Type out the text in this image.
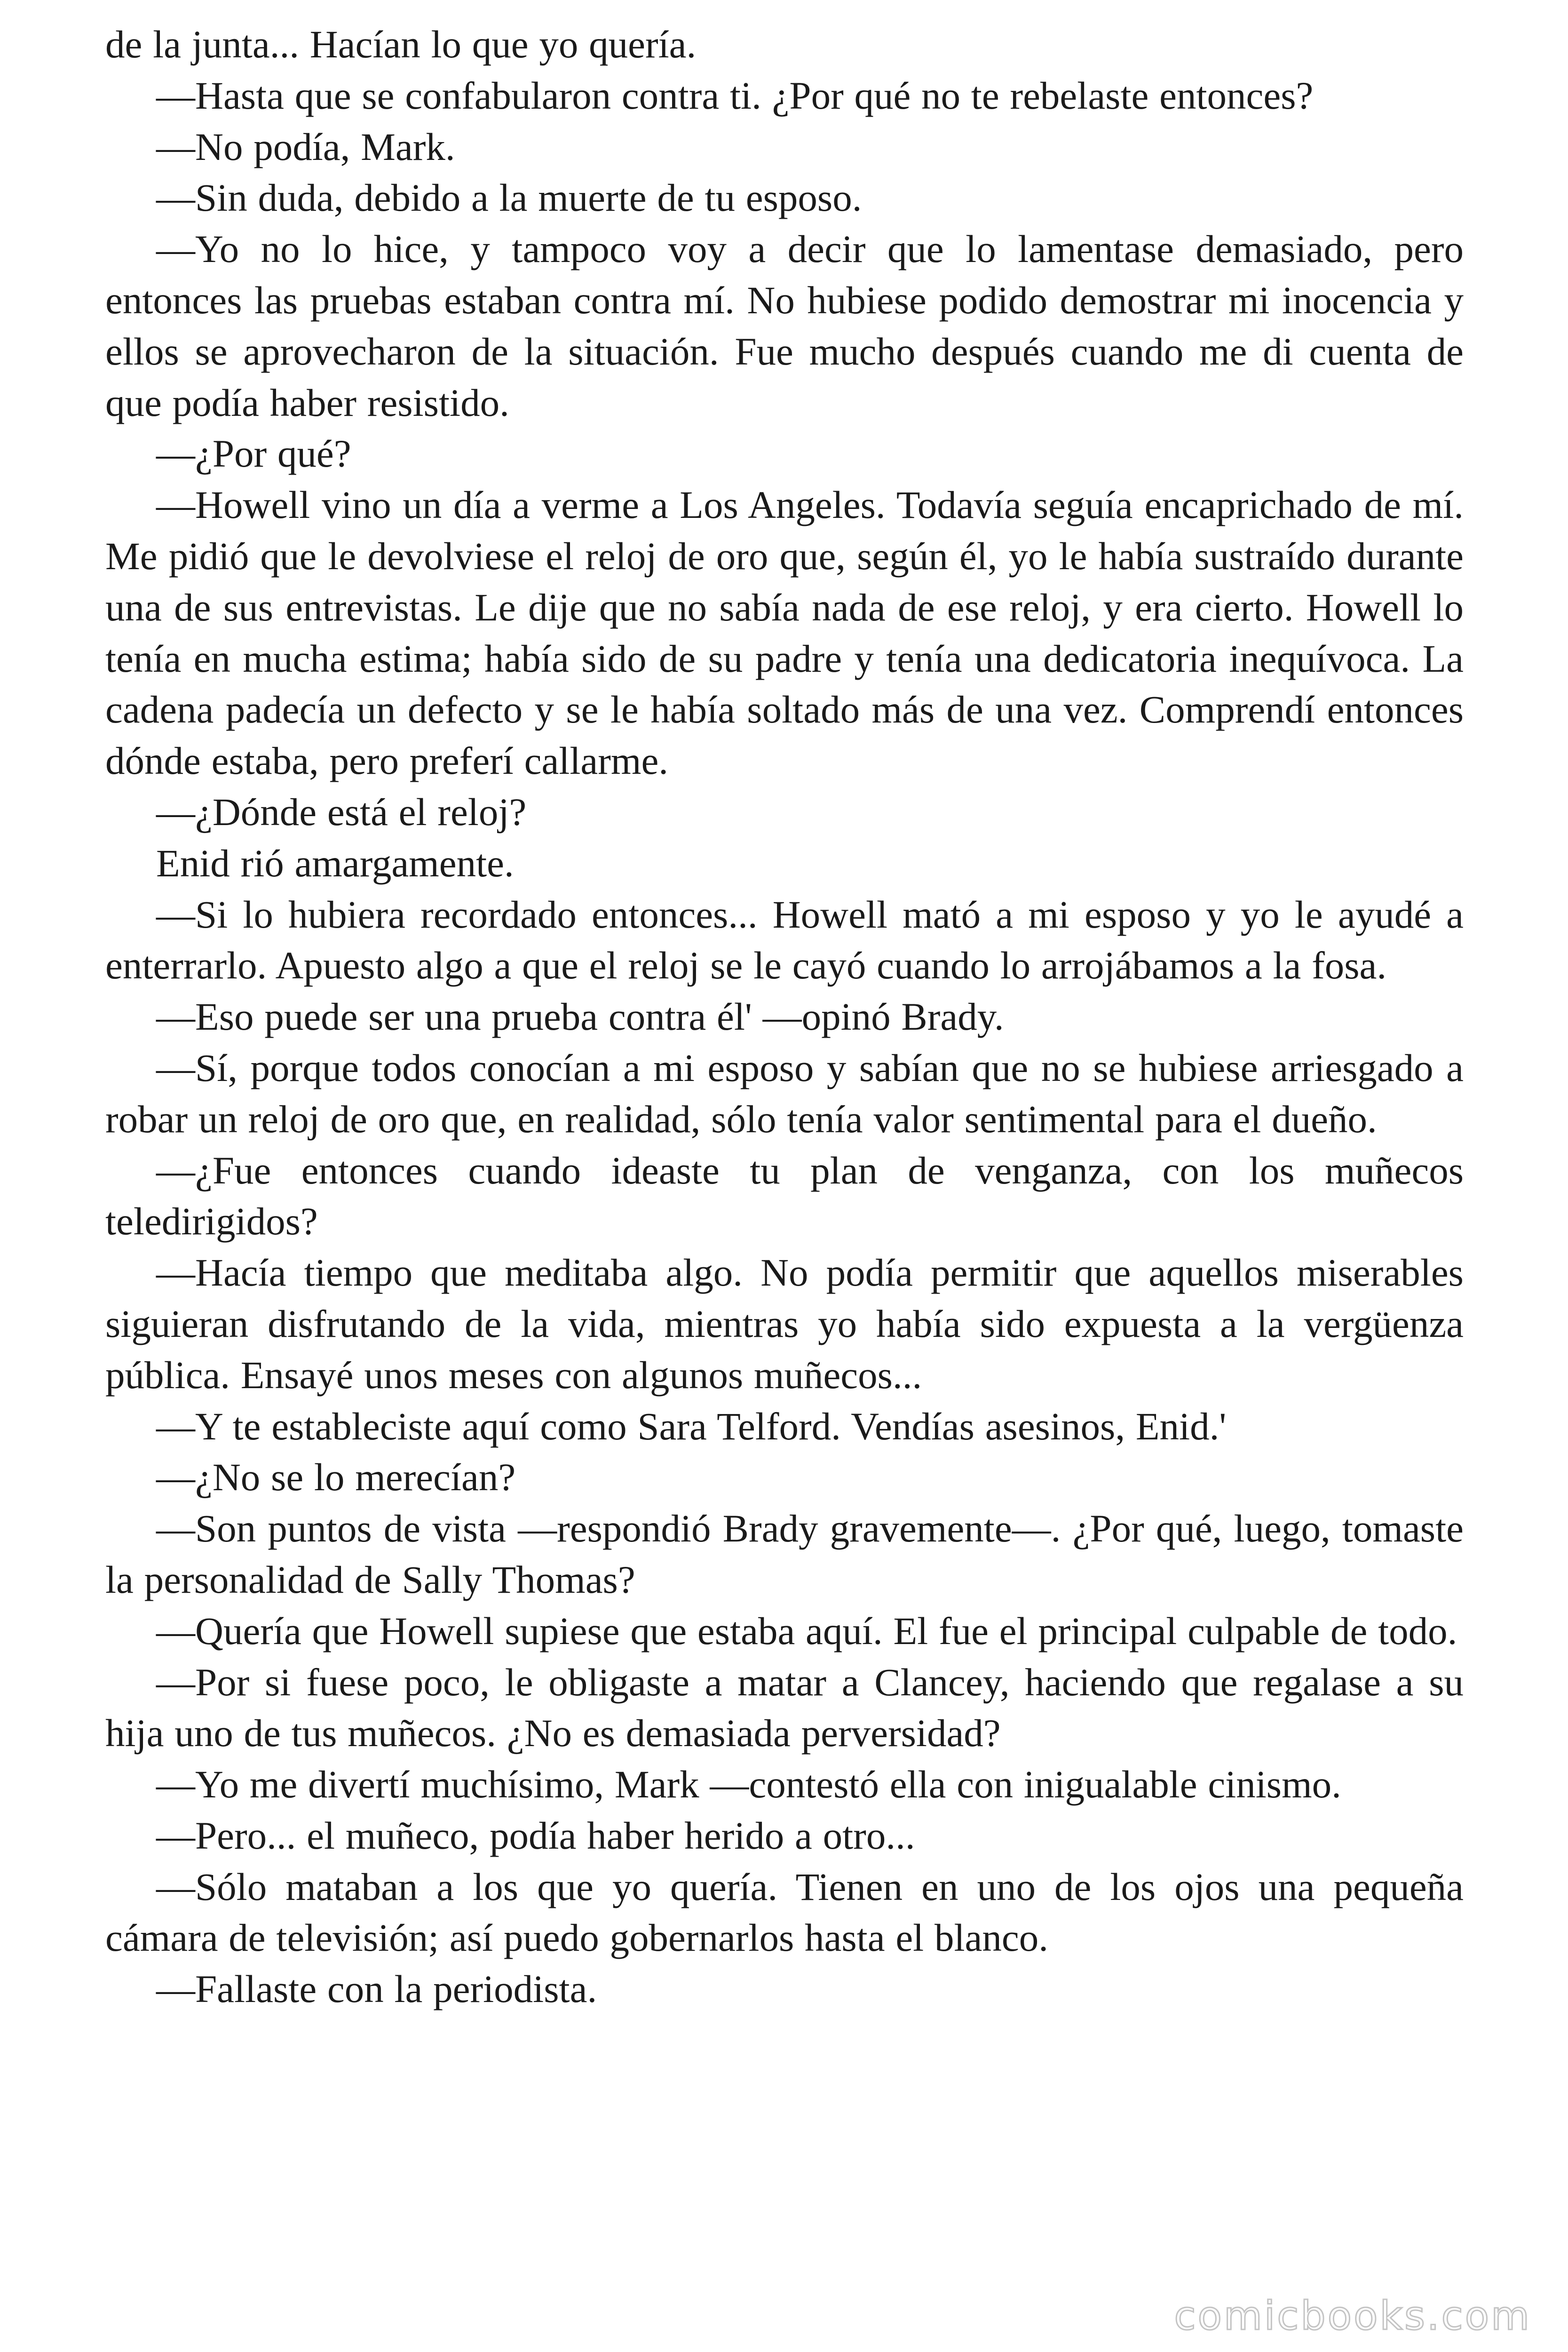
de la junta... Hacían lo que yo quería.

—Hasta que se confabularon contra ti. ¿Por qué no te rebelaste entonces?

—No podía, Mark.

—Sin duda, debido a la muerte de tu esposo.

—Yo no lo hice, y tampoco voy a decir que lo lamentase demasiado, pero entonces las pruebas estaban contra mí. No hubiese podido demostrar mi inocencia y ellos se aprovecharon de la situación. Fue mucho después cuando me di cuenta de que podía haber resistido.

—¿Por qué?

—Howell vino un día a verme a Los Angeles. Todavía seguía encaprichado de mí. Me pidió que le devolviese el reloj de oro que, según él, yo le había sustraído durante una de sus entrevistas. Le dije que no sabía nada de ese reloj, y era cierto. Howell lo tenía en mucha estima; había sido de su padre y tenía una dedicatoria inequívoca. La cadena padecía un defecto y se le había soltado más de una vez. Comprendí entonces dónde estaba, pero preferí callarme.

—¿Dónde está el reloj?

Enid rió amargamente.

—Si lo hubiera recordado entonces... Howell mató a mi esposo y yo le ayudé a enterrarlo. Apuesto algo a que el reloj se le cayó cuando lo arrojábamos a la fosa.

—Eso puede ser una prueba contra él' —opinó Brady.

—Sí, porque todos conocían a mi esposo y sabían que no se hubiese arriesgado a robar un reloj de oro que, en realidad, sólo tenía valor sentimental para el dueño.

—¿Fue entonces cuando ideaste tu plan de venganza, con los muñecos teledirigidos?

—Hacía tiempo que meditaba algo. No podía permitir que aquellos miserables siguieran disfrutando de la vida, mientras yo había sido expuesta a la vergüenza pública. Ensayé unos meses con algunos muñecos...

—Y te estableciste aquí como Sara Telford. Vendías asesinos, Enid.'

—¿No se lo merecían?

—Son puntos de vista —respondió Brady gravemente—. ¿Por qué, luego, tomaste la personalidad de Sally Thomas?

—Quería que Howell supiese que estaba aquí. El fue el principal culpable de todo.

—Por si fuese poco, le obligaste a matar a Clancey, haciendo que regalase a su hija uno de tus muñecos. ¿No es demasiada perversidad?

—Yo me divertí muchísimo, Mark —contestó ella con inigualable cinismo.

—Pero... el muñeco, podía haber herido a otro...

—Sólo mataban a los que yo quería. Tienen en uno de los ojos una pequeña cámara de televisión; así puedo gobernarlos hasta el blanco.

—Fallaste con la periodista.

comicbooks.com
